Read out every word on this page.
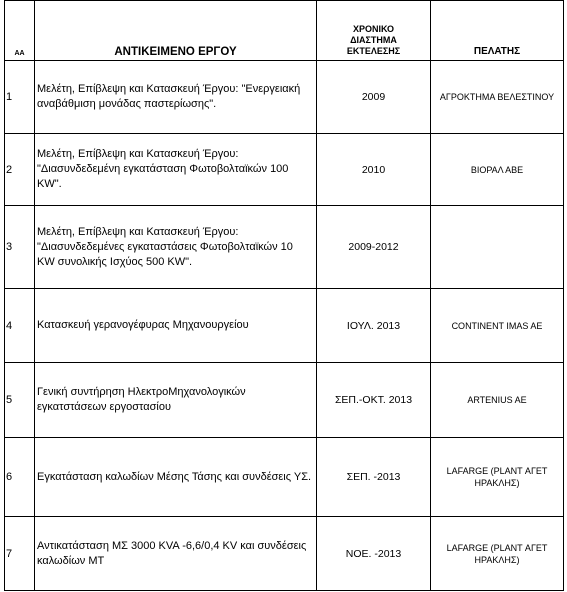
ΑΑ	ΑΝΤΙΚΕΙΜΕΝΟ ΕΡΓΟΥ	ΧΡΟΝΙΚΟ
ΔΙΑΣΤΗΜΑ
ΕΚΤΕΛΕΣΗΣ	ΠΕΛΑΤΗΣ
1	Μελέτη, Επίβλεψη και Κατασκευή Έργου: "Ενεργειακή αναβάθμιση μονάδας παστερίωσης".	2009	ΑΓΡΟΚΤΗΜΑ ΒΕΛΕΣΤΙΝΟΥ
2	Μελέτη, Επίβλεψη και Κατασκευή Έργου: "Διασυνδεδεμένη εγκατάσταση Φωτοβολταϊκών 100 KW".	2010	ΒΙΟΡΑΛ ΑΒΕ
3	Μελέτη, Επίβλεψη και Κατασκευή Έργου: "Διασυνδεδεμένες εγκαταστάσεις Φωτοβολταϊκών 10 KW συνολικής Ισχύος 500 KW".	2009-2012	
4	Κατασκευή γερανογέφυρας Μηχανουργείου	ΙΟΥΛ. 2013	CONTINENT IMAS AE
5	Γενική συντήρηση ΗλεκτροΜηχανολογικών εγκατστάσεων εργοστασίου	ΣΕΠ.-ΟΚΤ. 2013	ARTENIUS AE
6	Εγκατάσταση καλωδίων Μέσης Τάσης και συνδέσεις ΥΣ.	ΣΕΠ. -2013	LAFARGE (PLANT ΑΓΕΤ ΗΡΑΚΛΗΣ)
7	Αντικατάσταση ΜΣ 3000 KVA -6,6/0,4 KV και συνδέσεις καλωδίων ΜΤ	ΝΟΕ. -2013	LAFARGE (PLANT ΑΓΕΤ ΗΡΑΚΛΗΣ)
